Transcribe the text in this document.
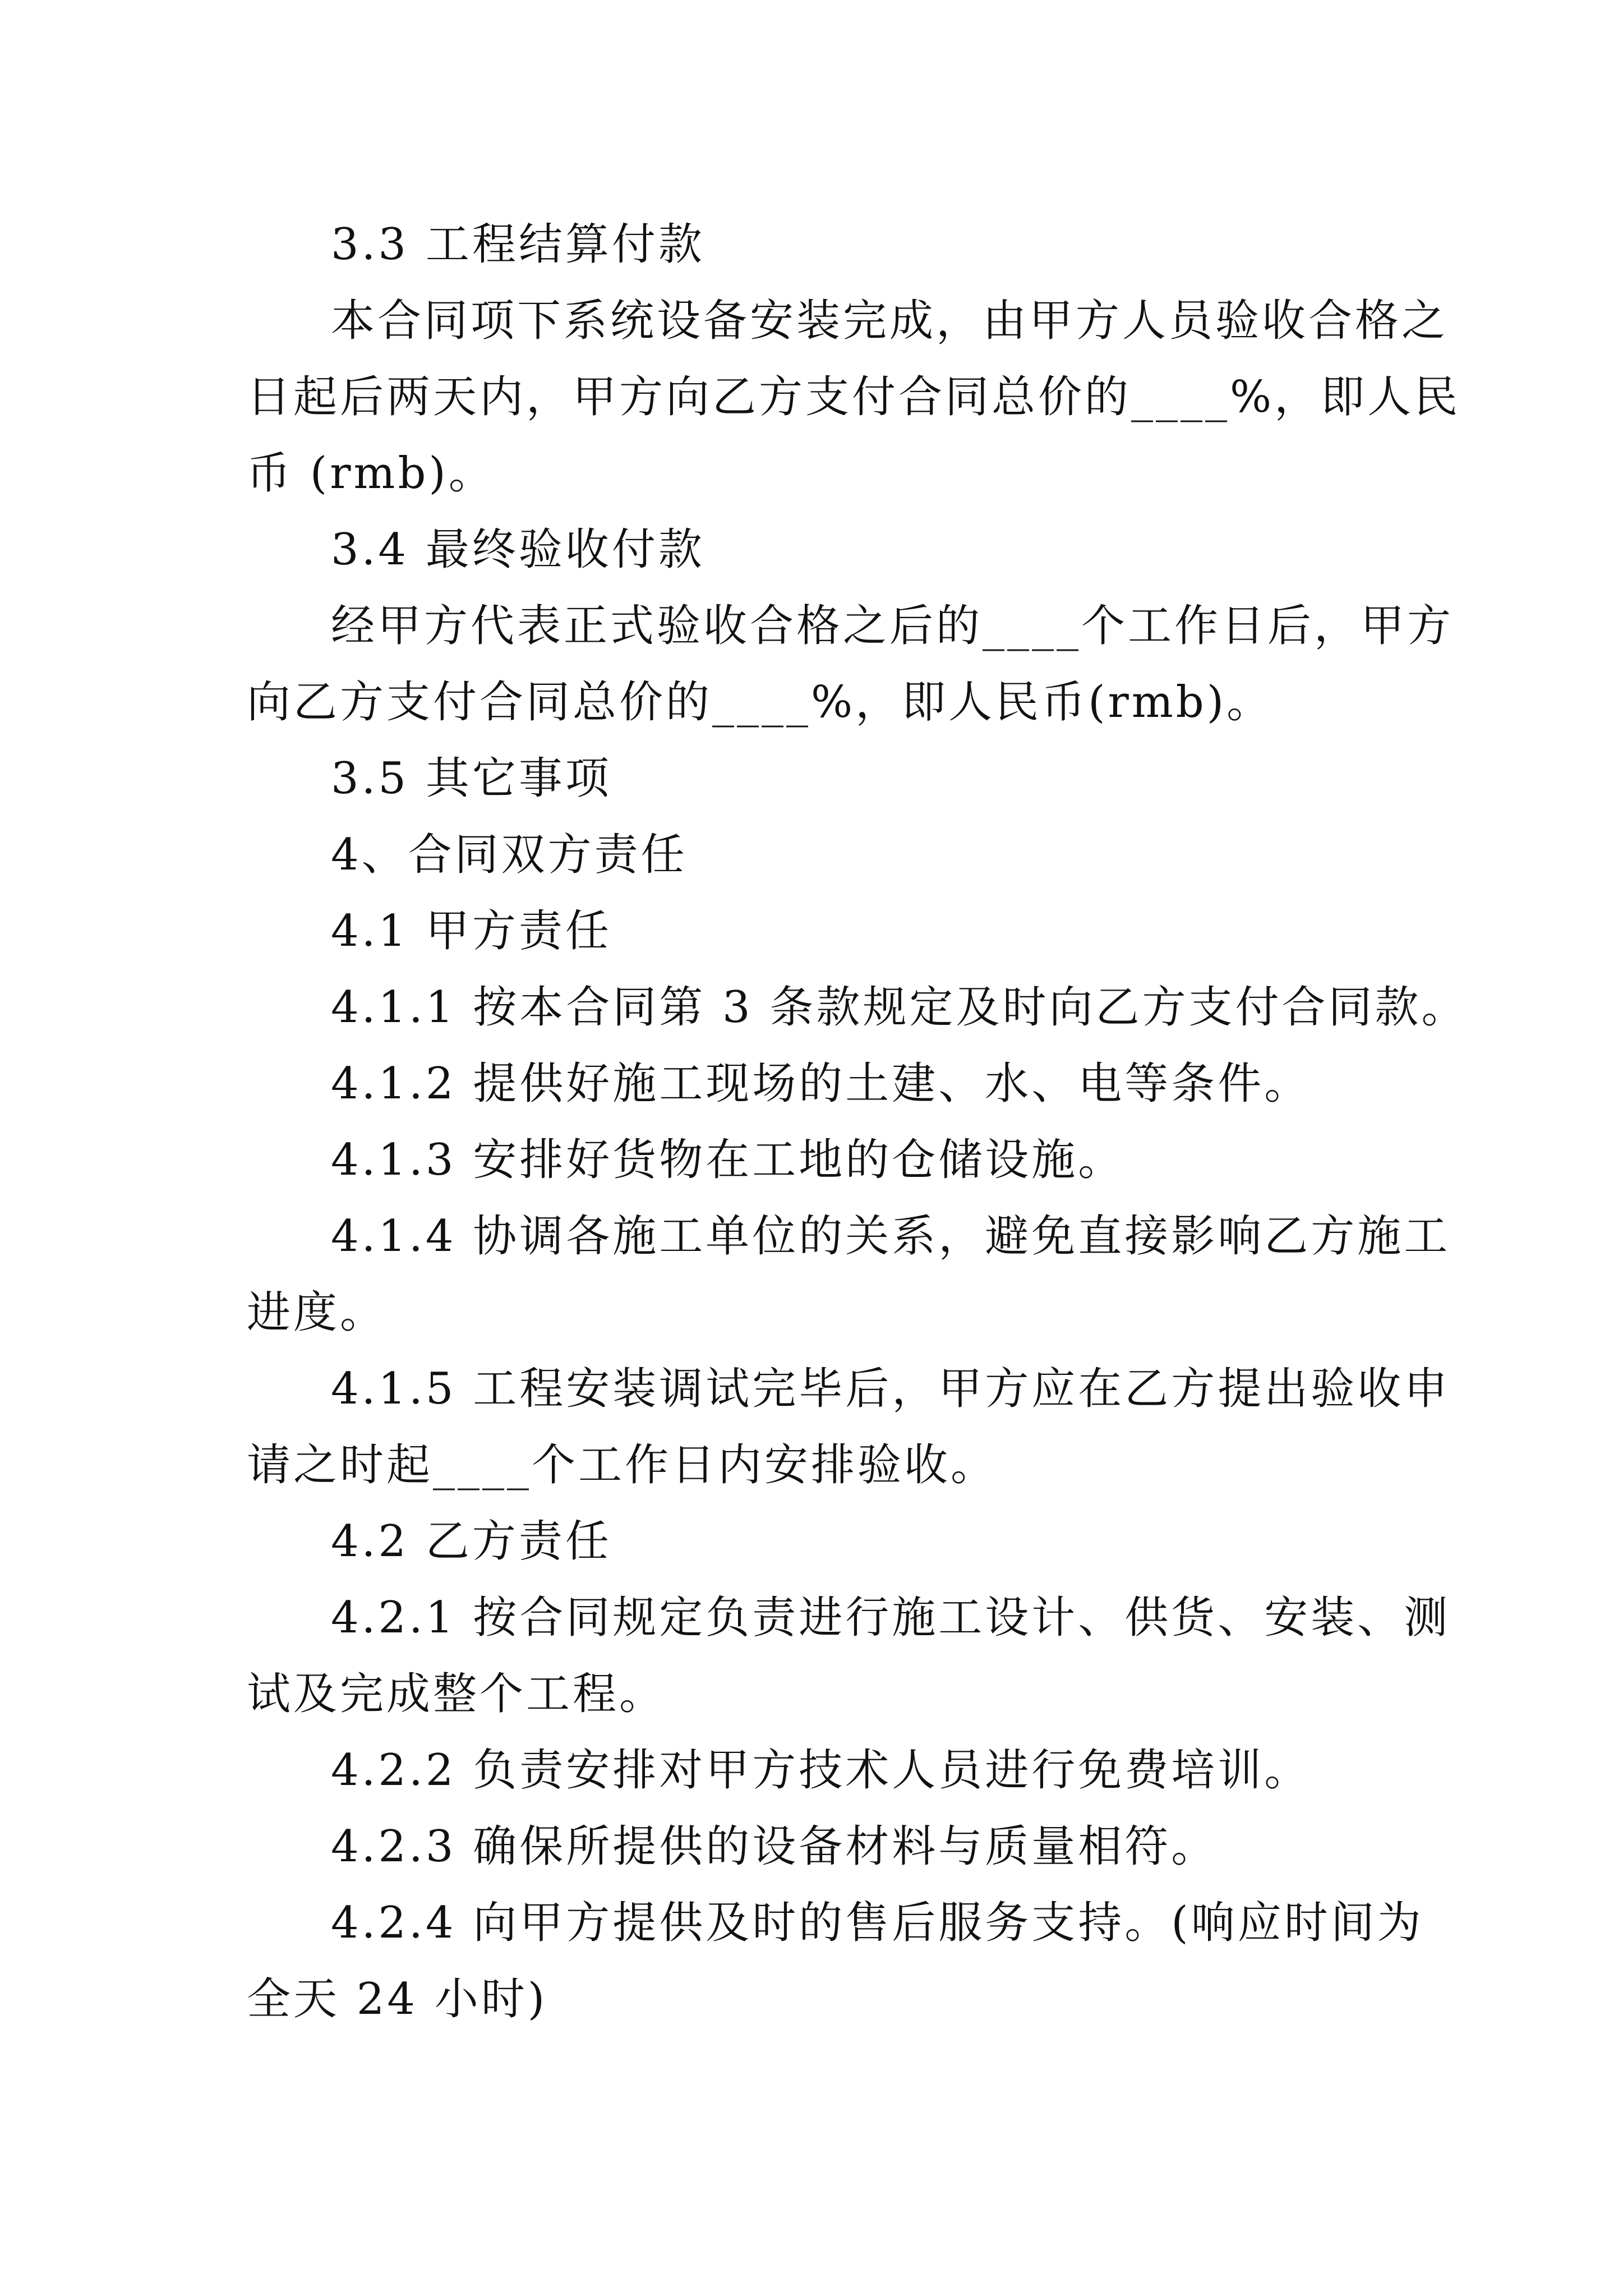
3.3 工程结算付款

本合同项下系统设备安装完成，由甲方人员验收合格之

日起后两天内，甲方向乙方支付合同总价的____%，即人民

币 (rmb)。

3.4 最终验收付款

经甲方代表正式验收合格之后的____个工作日后，甲方

向乙方支付合同总价的____%，即人民币(rmb)。

3.5 其它事项

4、合同双方责任

4.1 甲方责任

4.1.1 按本合同第 3 条款规定及时向乙方支付合同款。

4.1.2 提供好施工现场的土建、水、电等条件。

4.1.3 安排好货物在工地的仓储设施。

4.1.4 协调各施工单位的关系，避免直接影响乙方施工

进度。

4.1.5 工程安装调试完毕后，甲方应在乙方提出验收申

请之时起____个工作日内安排验收。

4.2 乙方责任

4.2.1 按合同规定负责进行施工设计、供货、安装、测

试及完成整个工程。

4.2.2 负责安排对甲方技术人员进行免费培训。

4.2.3 确保所提供的设备材料与质量相符。

4.2.4 向甲方提供及时的售后服务支持。(响应时间为

全天 24 小时)
